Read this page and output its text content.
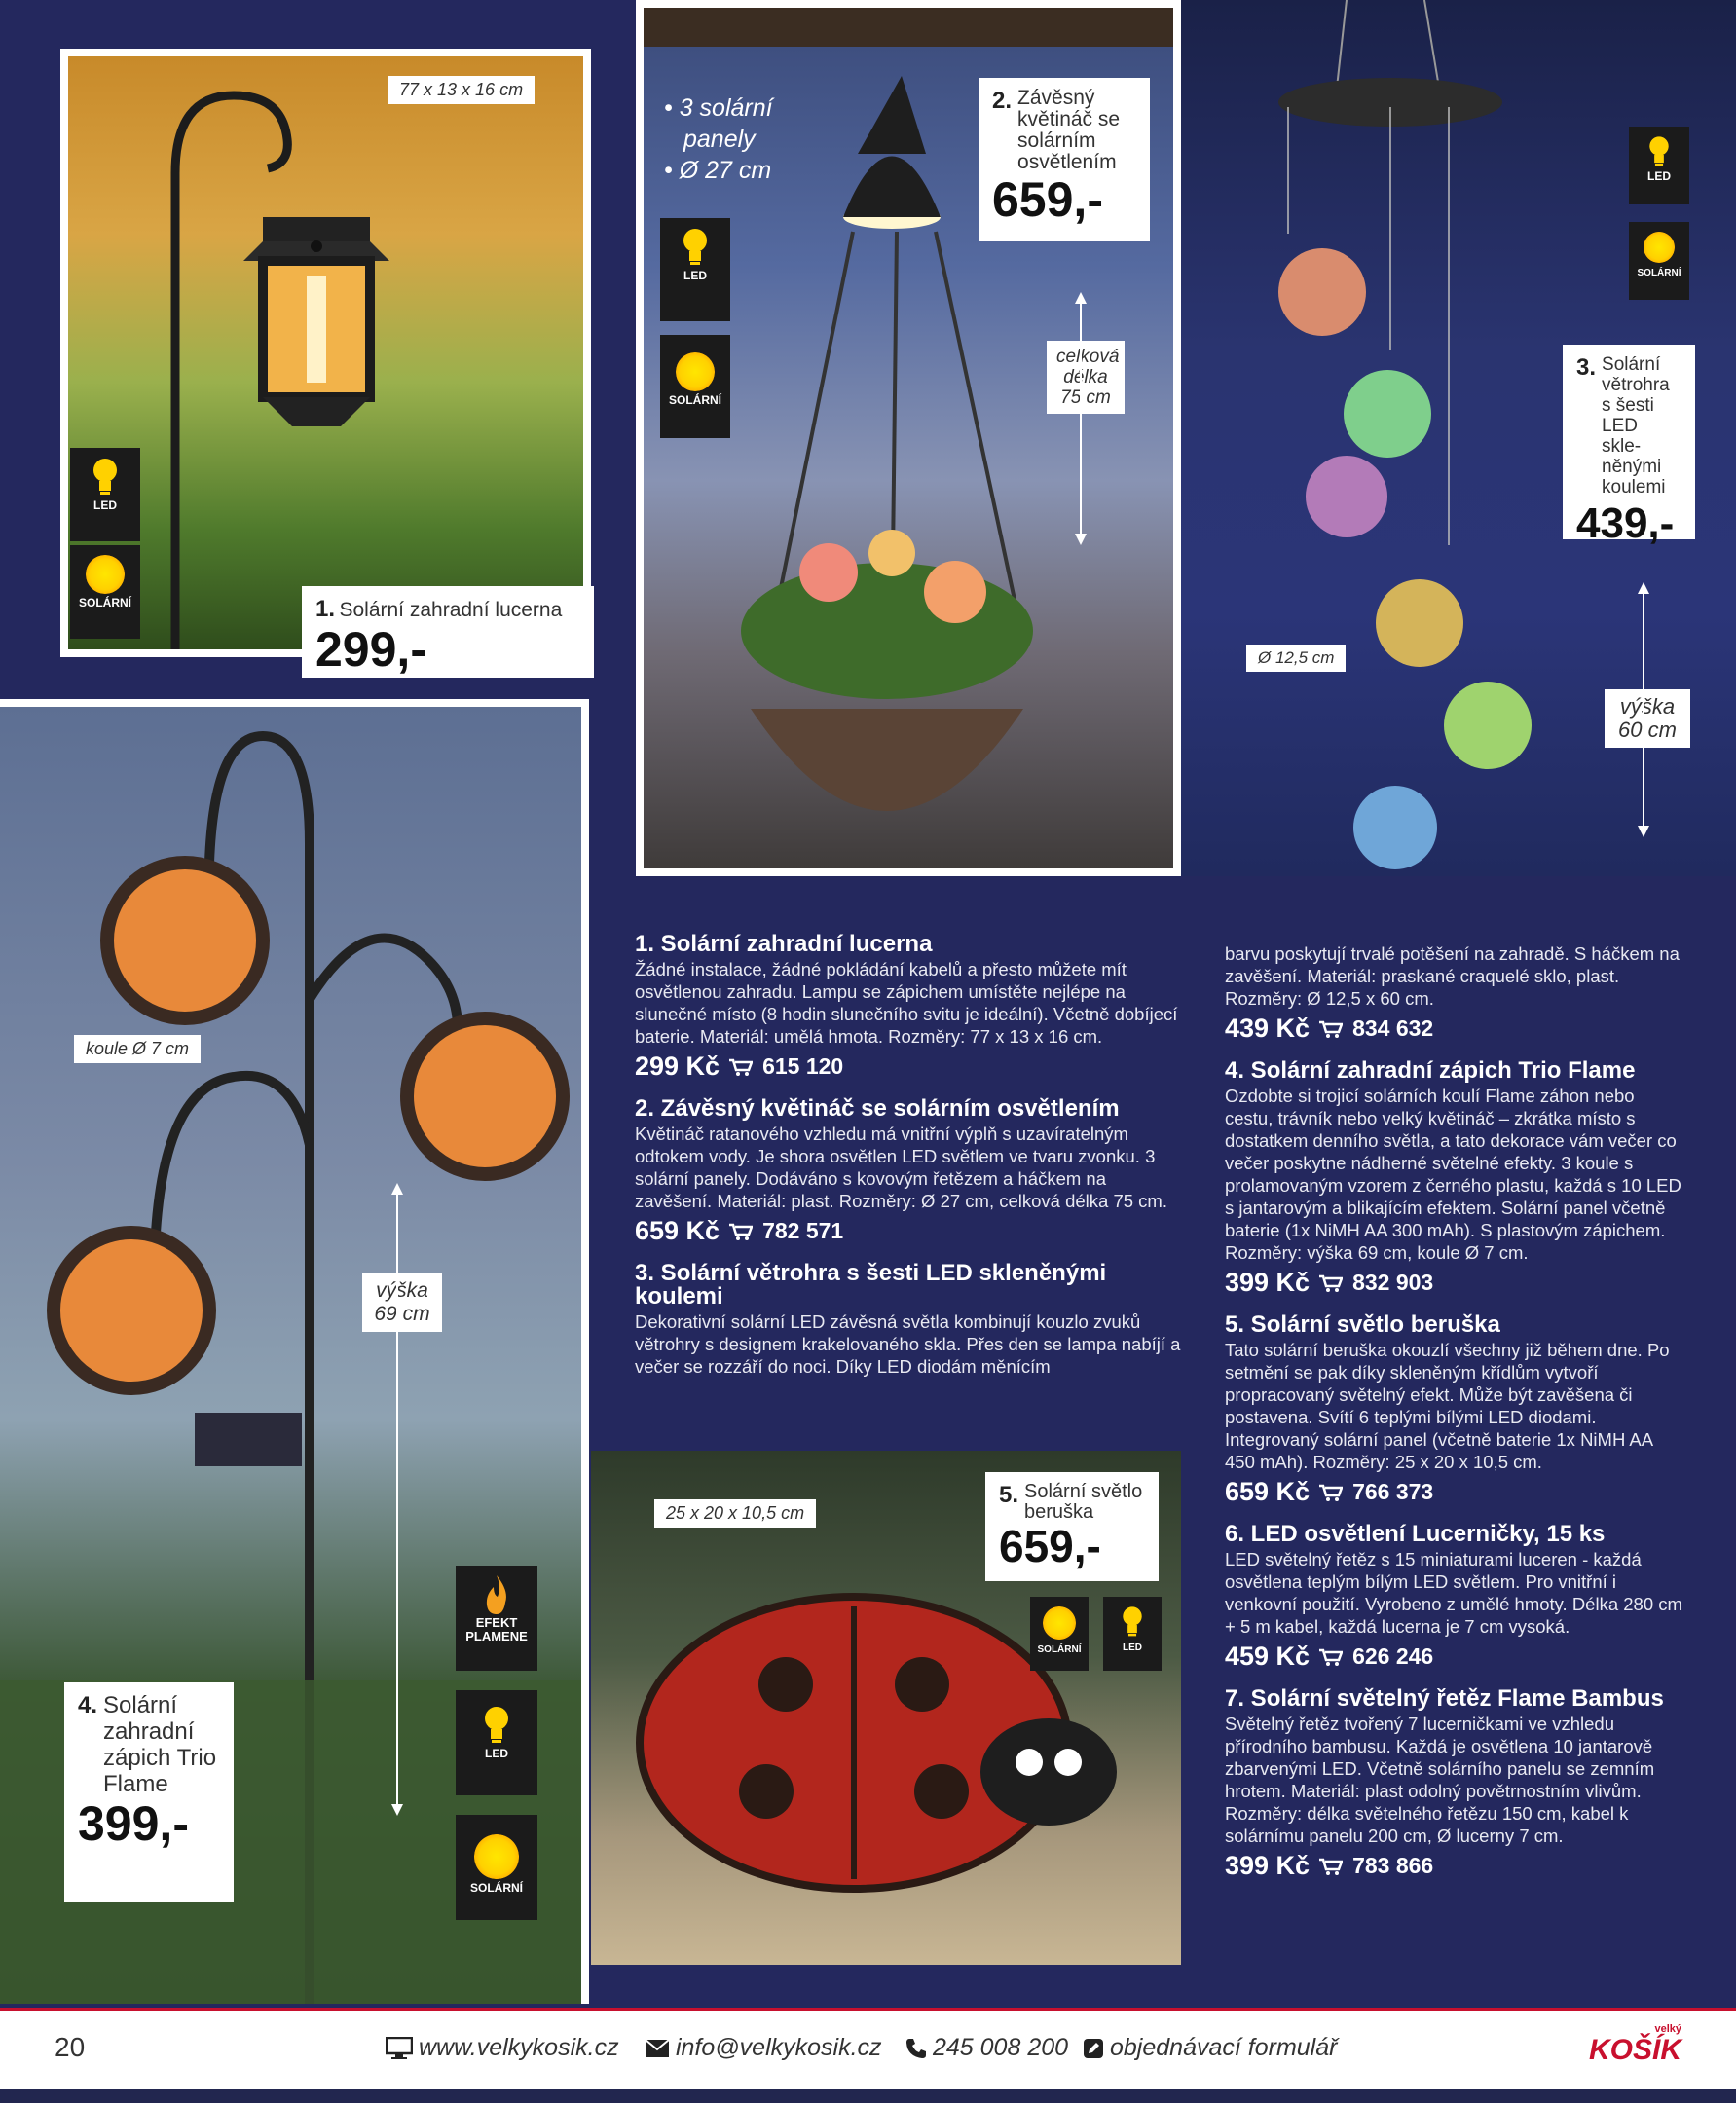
77 x 13 x 16 cm
LED
SOLÁRNÍ	1. Solární zahradní lucerna
299,-
• 3 solární
panely
• Ø 27 cm
LED
SOLÁRNÍ
2. Závěsný květináč se solárním osvětlením
659,-
celková délka 75 cm
LED
SOLÁRNÍ
3. Solární větrohra s šesti LED skle-něnými koulemi
439,-
Ø 12,5 cm
výška 60 cm
koule Ø 7 cm
výška 69 cm
EFEKT PLAMENE
LED
SOLÁRNÍ
4. Solární zahradní zápich Trio Flame
399,-
25 x 20 x 10,5 cm
5. Solární světlo beruška
659,-
SOLÁRNÍ	LED
1. Solární zahradní lucerna

Žádné instalace, žádné pokládání kabelů a přesto můžete mít osvětlenou zahradu. Lampu se zápichem umístěte nejlépe na slunečné místo (8 hodin slunečního svitu je ideální). Včetně dobíjecí baterie. Materiál: umělá hmota. Rozměry: 77 x 13 x 16 cm.

299 Kč 615 120
2. Závěsný květináč se solárním osvětlením

Květináč ratanového vzhledu má vnitřní výplň s uzavíratelným odtokem vody. Je shora osvětlen LED světlem ve tvaru zvonku. 3 solární panely. Dodáváno s kovovým řetězem a háčkem na zavěšení. Materiál: plast. Rozměry: Ø 27 cm, celková délka 75 cm.

659 Kč 782 571
3. Solární větrohra s šesti LED skleněnými koulemi

Dekorativní solární LED závěsná světla kombinují kouzlo zvuků větrohry s designem krakelovaného skla. Přes den se lampa nabíjí a večer se rozzáří do noci. Díky LED diodám měnícím

barvu poskytují trvalé potěšení na zahradě. S háčkem na zavěšení. Materiál: praskané craquelé sklo, plast. Rozměry: Ø 12,5 x 60 cm.

439 Kč 834 632
4. Solární zahradní zápich Trio Flame

Ozdobte si trojicí solárních koulí Flame záhon nebo cestu, trávník nebo velký květináč – zkrátka místo s dostatkem denního světla, a tato dekorace vám večer co večer poskytne nádherné světelné efekty. 3 koule s prolamovaným vzorem z černého plastu, každá s 10 LED s jantarovým a blikajícím efektem. Solární panel včetně baterie (1x NiMH AA 300 mAh). S plastovým zápichem. Rozměry: výška 69 cm, koule Ø 7 cm.

399 Kč 832 903
5. Solární světlo beruška

Tato solární beruška okouzlí všechny již během dne. Po setmění se pak díky skleněným křídlům vytvoří propracovaný světelný efekt. Může být zavěšena či postavena. Svítí 6 teplými bílými LED diodami. Integrovaný solární panel (včetně baterie 1x NiMH AA 450 mAh). Rozměry: 25 x 20 x 10,5 cm.

659 Kč 766 373
6. LED osvětlení Lucerničky, 15 ks

LED světelný řetěz s 15 miniaturami luceren - každá osvětlena teplým bílým LED světlem. Pro vnitřní i venkovní použití. Vyrobeno z umělé hmoty. Délka 280 cm + 5 m kabel, každá lucerna je 7 cm vysoká.

459 Kč 626 246
7. Solární světelný řetěz Flame Bambus

Světelný řetěz tvořený 7 lucerničkami ve vzhledu přírodního bambusu. Každá je osvětlena 10 jantarově zbarvenými LED. Včetně solárního panelu se zemním hrotem. Materiál: plast odolný povětrnostním vlivům. Rozměry: délka světelného řetězu 150 cm, kabel k solárnímu panelu 200 cm, Ø lucerny 7 cm.

399 Kč 783 866
20	www.velkykosik.cz info@velkykosik.cz 245 008 200 objednávací formulář
velký
KOŠÍK
